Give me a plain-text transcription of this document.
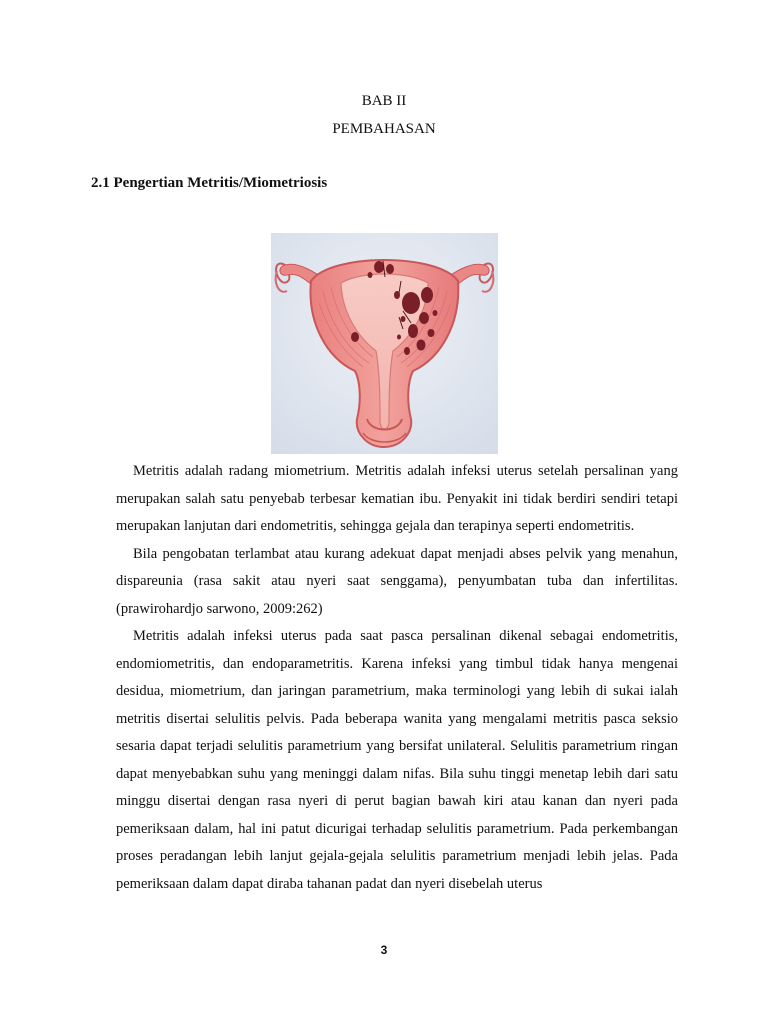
BAB II
PEMBAHASAN
2.1 Pengertian Metritis/Miometriosis

Metritis adalah radang miometrium. Metritis adalah infeksi uterus setelah persalinan yang merupakan salah satu penyebab terbesar kematian ibu. Penyakit ini tidak berdiri sendiri tetapi merupakan lanjutan dari endometritis, sehingga gejala dan terapinya seperti endometritis.

Bila pengobatan terlambat atau kurang adekuat dapat menjadi abses pelvik yang menahun, dispareunia (rasa sakit atau nyeri saat senggama), penyumbatan tuba dan infertilitas. (prawirohardjo sarwono, 2009:262)

Metritis adalah infeksi uterus pada saat pasca persalinan dikenal sebagai endometritis, endomiometritis, dan endoparametritis. Karena infeksi yang timbul tidak hanya mengenai desidua, miometrium, dan jaringan parametrium, maka terminologi yang lebih di sukai ialah metritis disertai selulitis pelvis. Pada beberapa wanita yang mengalami metritis pasca seksio sesaria dapat terjadi selulitis parametrium yang bersifat unilateral. Selulitis parametrium ringan dapat menyebabkan suhu yang meninggi dalam nifas. Bila suhu tinggi menetap lebih dari satu minggu disertai dengan rasa nyeri di perut bagian bawah kiri atau kanan dan nyeri pada pemeriksaan dalam, hal ini patut dicurigai terhadap selulitis parametrium. Pada perkembangan proses peradangan lebih lanjut gejala-gejala selulitis parametrium menjadi lebih jelas. Pada pemeriksaan dalam dapat diraba tahanan padat dan nyeri disebelah uterus

3
